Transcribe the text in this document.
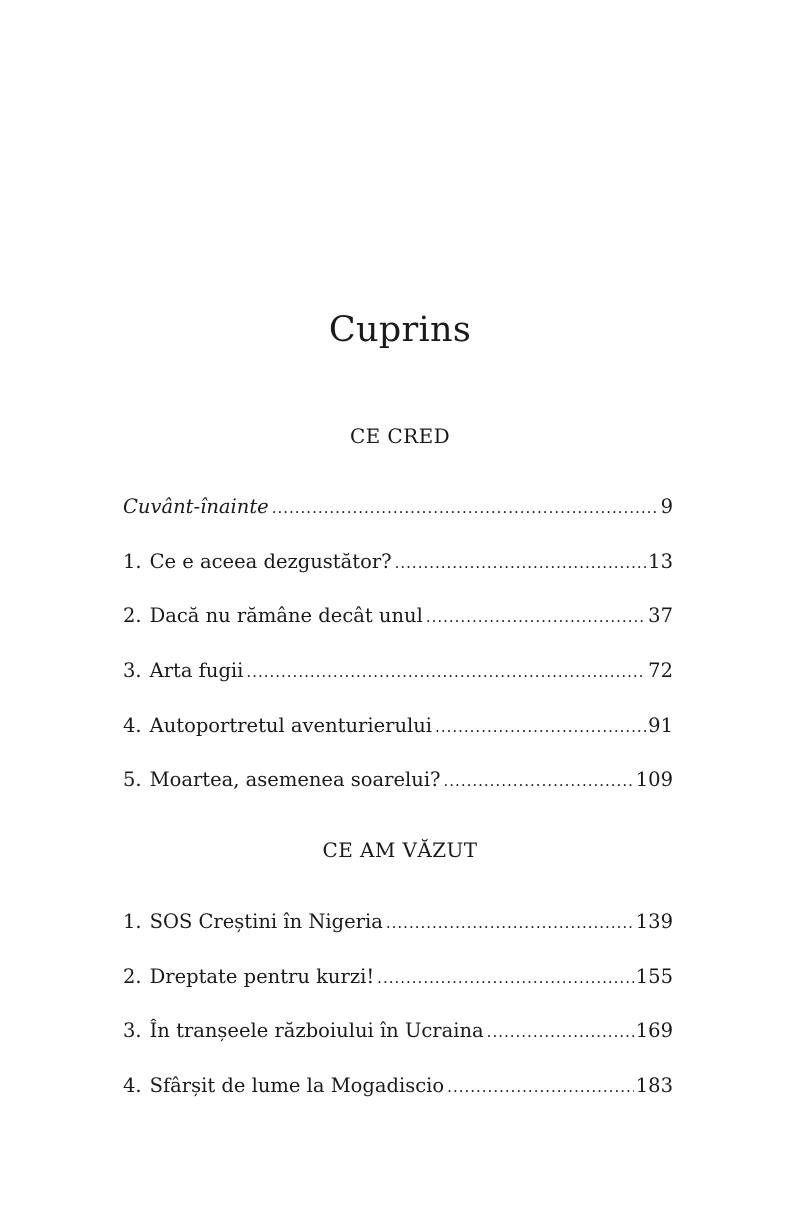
Cuprins
CE CRED
Cuvânt-înainte .....	9
1. Ce e aceea dezgustător? .....	13
2. Dacă nu rămâne decât unul .....	37
3. Arta fugii .....	72
4. Autoportretul aventurierului .....	91
5. Moartea, asemenea soarelui? .....	109
CE AM VĂZUT
1. SOS Creștini în Nigeria .....	139
2. Dreptate pentru kurzi! .....	155
3. În tranșeele războiului în Ucraina .....	169
4. Sfârșit de lume la Mogadiscio .....	183
